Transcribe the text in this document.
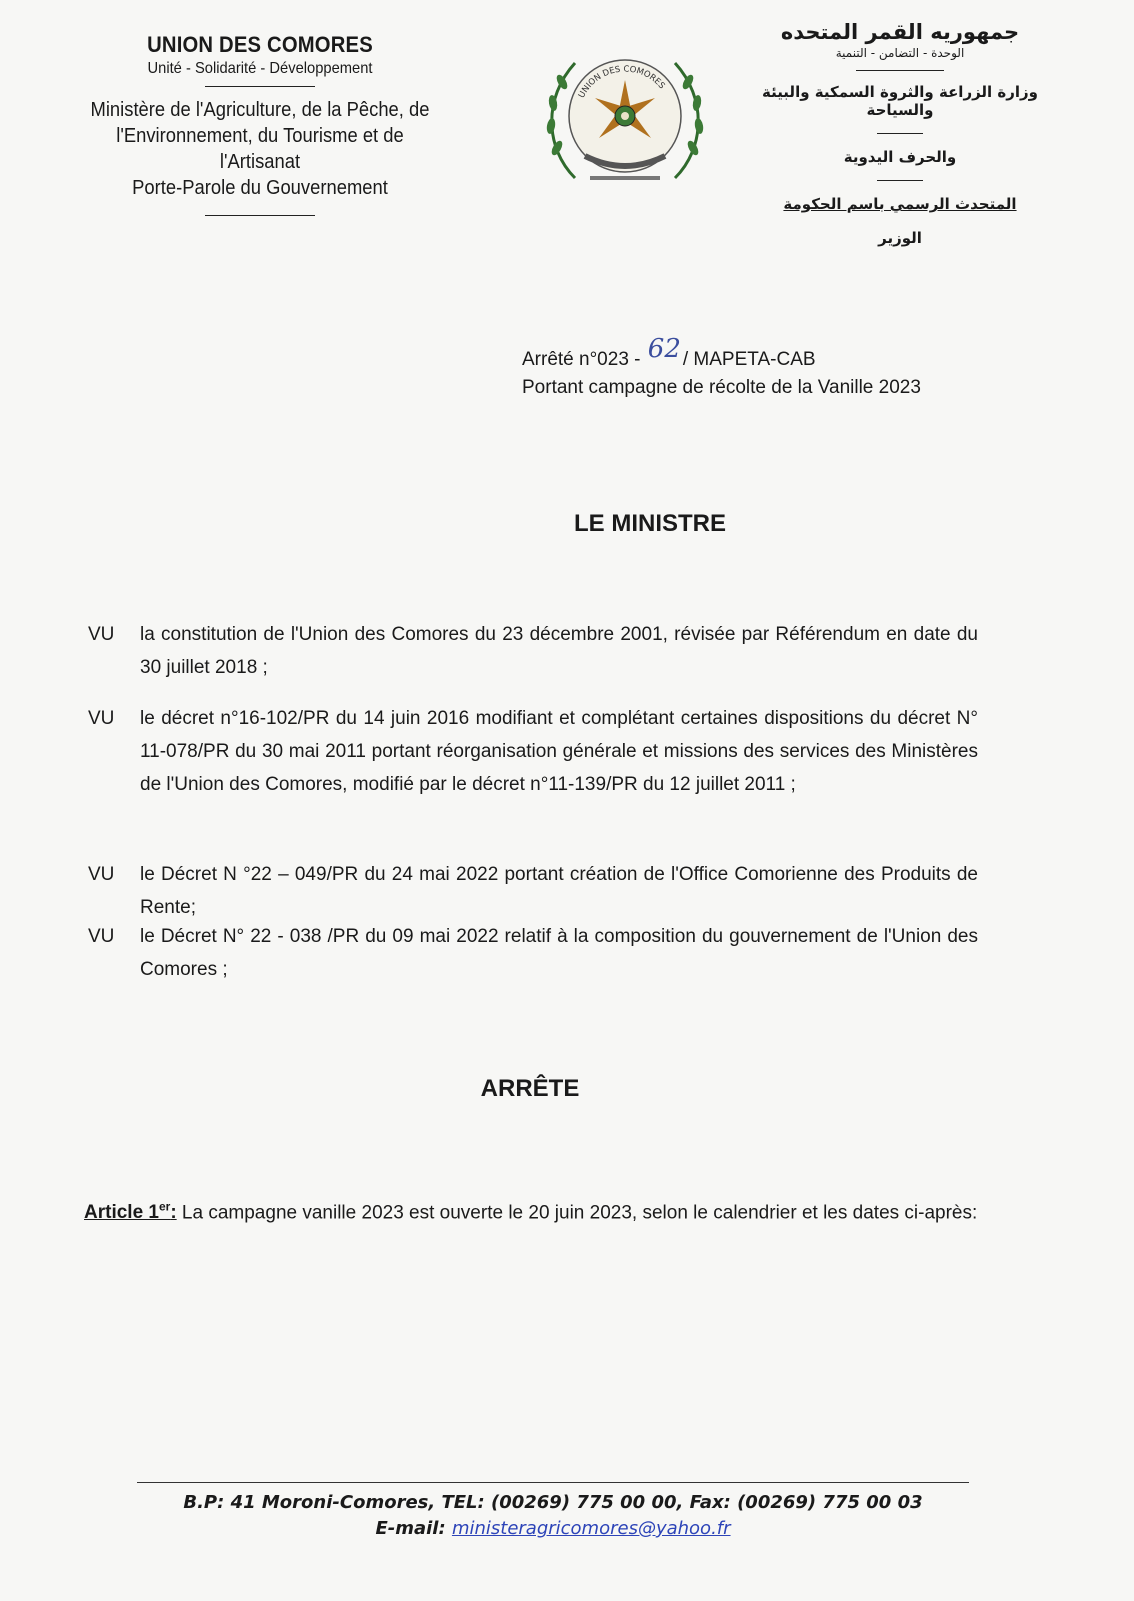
UNION DES COMORES
Unité - Solidarité - Développement
Ministère de l'Agriculture, de la Pêche, de
l'Environnement, du Tourisme et de l'Artisanat
Porte-Parole du Gouvernement
UNION DES COMORES
جمهوريه القمر المتحده
الوحدة - التضامن - التنمية
وزارة الزراعة والثروة السمكية والبيئة والسياحة
والحرف اليدوية
المتحدث الرسمي باسم الحكومة
الوزير
Arrêté n°023 - 62 / MAPETA-CAB
Portant campagne de récolte de la Vanille 2023
LE MINISTRE
VU	la constitution de l'Union des Comores du 23 décembre 2001, révisée par Référendum en date du 30 juillet 2018 ;
VU	le décret n°16-102/PR du 14 juin 2016 modifiant et complétant certaines dispositions du décret N° 11-078/PR du 30 mai 2011 portant réorganisation générale et missions des services des Ministères de l'Union des Comores, modifié par le décret n°11-139/PR du 12 juillet 2011 ;
VU	le Décret N °22 – 049/PR du 24 mai 2022 portant création de l'Office Comorienne des Produits de Rente;
VU	le Décret N° 22 - 038 /PR du 09 mai 2022 relatif à la composition du gouvernement de l'Union des Comores ;
ARRÊTE
Article 1er: La campagne vanille 2023 est ouverte le 20 juin 2023, selon le calendrier et les dates ci-après:
B.P: 41 Moroni-Comores, TEL: (00269) 775 00 00, Fax: (00269) 775 00 03
E-mail: ministeragricomores@yahoo.fr
